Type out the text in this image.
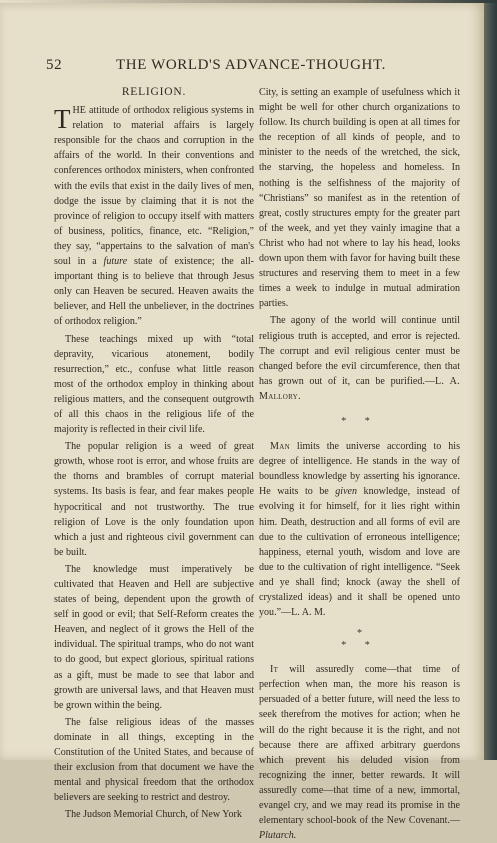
52	THE WORLD'S ADVANCE-THOUGHT.
RELIGION.

THE attitude of orthodox religious systems in relation to material affairs is largely responsible for the chaos and corruption in the affairs of the world. In their conventions and conferences orthodox ministers, when confronted with the evils that exist in the daily lives of men, dodge the issue by claiming that it is not the province of religion to occupy itself with matters of business, politics, finance, etc. “Religion,” they say, “appertains to the salvation of man's soul in a future state of existence; the all-important thing is to believe that through Jesus only can Heaven be secured. Heaven awaits the believer, and Hell the unbeliever, in the doctrines of orthodox religion.”

These teachings mixed up with “total depravity, vicarious atonement, bodily resurrection,” etc., confuse what little reason most of the orthodox employ in thinking about religious matters, and the consequent outgrowth of all this chaos in the religious life of the majority is reflected in their civil life.

The popular religion is a weed of great growth, whose root is error, and whose fruits are the thorns and brambles of corrupt material systems. Its basis is fear, and fear makes people hypocritical and not trustworthy. The true religion of Love is the only foundation upon which a just and righteous civil government can be built.

The knowledge must imperatively be cultivated that Heaven and Hell are subjective states of being, dependent upon the growth of self in good or evil; that Self-Reform creates the Heaven, and neglect of it grows the Hell of the individual. The spiritual tramps, who do not want to do good, but expect glorious, spiritual rations as a gift, must be made to see that labor and growth are universal laws, and that Heaven must be grown within the being.

The false religious ideas of the masses dominate in all things, excepting in the Constitution of the United States, and because of their exclusion from that document we have the mental and physical freedom that the orthodox believers are seeking to restrict and destroy.

The Judson Memorial Church, of New York

City, is setting an example of usefulness which it might be well for other church organizations to follow. Its church building is open at all times for the reception of all kinds of people, and to minister to the needs of the wretched, the sick, the starving, the hopeless and homeless. In nothing is the selfishness of the majority of “Christians” so manifest as in the retention of great, costly structures empty for the greater part of the week, and yet they vainly imagine that a Christ who had not where to lay his head, looks down upon them with favor for having built these structures and reserving them to meet in a few times a week to indulge in mutual admiration parties.

The agony of the world will continue until religious truth is accepted, and error is rejected. The corrupt and evil religious center must be changed before the evil circumference, then that has grown out of it, can be purified.—L. A. Mallory.

* *

Man limits the universe according to his degree of intelligence. He stands in the way of boundless knowledge by asserting his ignorance. He waits to be given knowledge, instead of evolving it for himself, for it lies right within him. Death, destruction and all forms of evil are due to the cultivation of erroneous intelligence; happiness, eternal youth, wisdom and love are due to the cultivation of right intelligence. “Seek and ye shall find; knock (away the shell of crystalized ideas) and it shall be opened unto you.”—L. A. M.

*
* *

It will assuredly come—that time of perfection when man, the more his reason is persuaded of a better future, will need the less to seek therefrom the motives for action; when he will do the right because it is the right, and not because there are affixed arbitrary guerdons which prevent his deluded vision from recognizing the inner, better rewards. It will assuredly come—that time of a new, immortal, evangel cry, and we may read its promise in the elementary school-book of the New Covenant.—Plutarch.
